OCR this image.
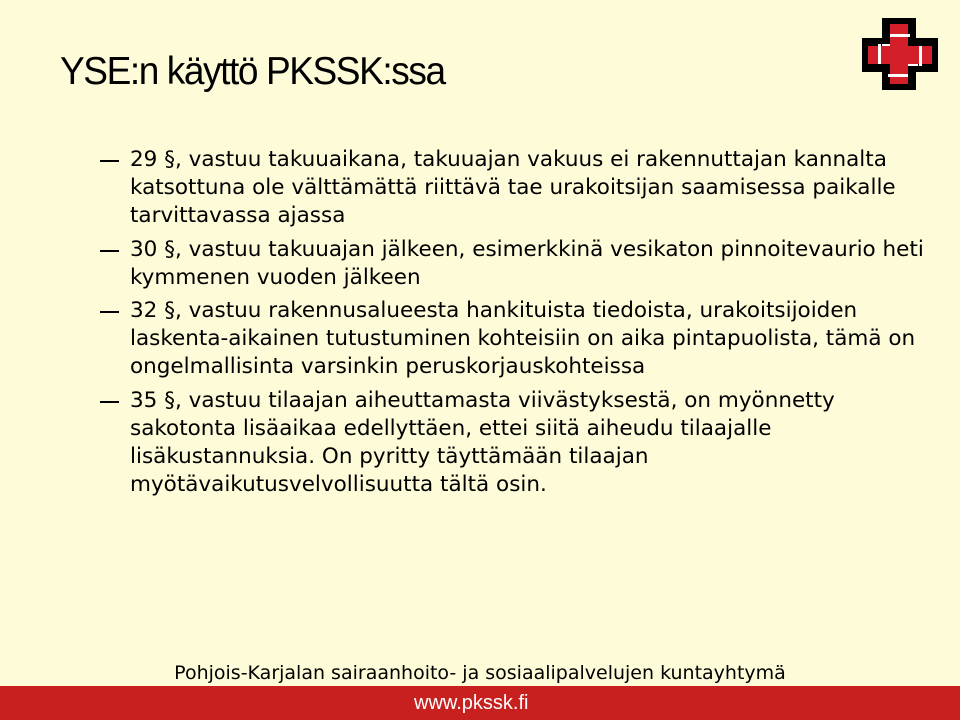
YSE:n käyttö PKSSK:ssa
29 §, vastuu takuuaikana, takuuajan vakuus ei rakennuttajan kannalta katsottuna ole välttämättä riittävä tae urakoitsijan saamisessa paikalle tarvittavassa ajassa
30 §, vastuu takuuajan jälkeen, esimerkkinä vesikaton pinnoitevaurio heti kymmenen vuoden jälkeen
32 §, vastuu rakennusalueesta hankituista tiedoista, urakoitsijoiden laskenta-aikainen tutustuminen kohteisiin on aika pintapuolista, tämä on ongelmallisinta varsinkin peruskorjauskohteissa
35 §, vastuu tilaajan aiheuttamasta viivästyksestä, on myönnetty sakotonta lisäaikaa edellyttäen, ettei siitä aiheudu tilaajalle lisäkustannuksia. On pyritty täyttämään tilaajan myötävaikutusvelvollisuutta tältä osin.
Pohjois-Karjalan sairaanhoito- ja sosiaalipalvelujen kuntayhtymä
www.pkssk.fi
